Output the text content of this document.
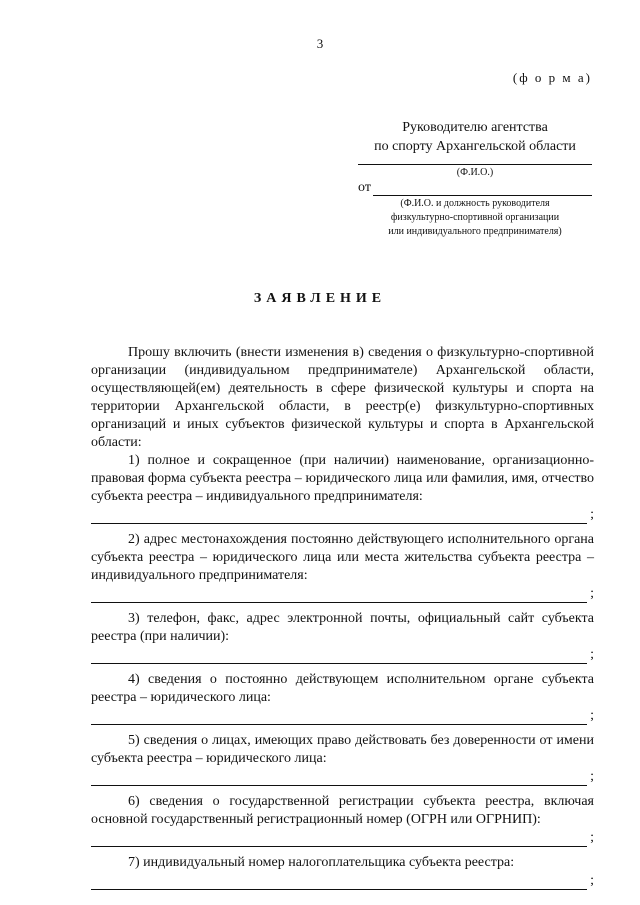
3
(ф о р м а)
Руководителю агентства
по спорту Архангельской области
(Ф.И.О.)
от
(Ф.И.О. и должность руководителя
физкультурно-спортивной организации
или индивидуального предпринимателя)
ЗАЯВЛЕНИЕ

Прошу включить (внести изменения в) сведения о физкультурно-спортивной организации (индивидуальном предпринимателе) Архангельской области, осуществляющей(ем) деятельность в сфере физической культуры и спорта на территории Архангельской области, в реестр(е) физкультурно-спортивных организаций и иных субъектов физической культуры и спорта в Архангельской области:

1) полное и сокращенное (при наличии) наименование, организационно-правовая форма субъекта реестра – юридического лица или фамилия, имя, отчество субъекта реестра – индивидуального предпринимателя:

;

2) адрес местонахождения постоянно действующего исполнительного органа субъекта реестра – юридического лица или места жительства субъекта реестра – индивидуального предпринимателя:

;

3) телефон, факс, адрес электронной почты, официальный сайт субъекта реестра (при наличии):

;

4) сведения о постоянно действующем исполнительном органе субъекта реестра – юридического лица:

;

5) сведения о лицах, имеющих право действовать без доверенности от имени субъекта реестра – юридического лица:

;

6) сведения о государственной регистрации субъекта реестра, включая основной государственный регистрационный номер (ОГРН или ОГРНИП):

;

7) индивидуальный номер налогоплательщика субъекта реестра:

;
